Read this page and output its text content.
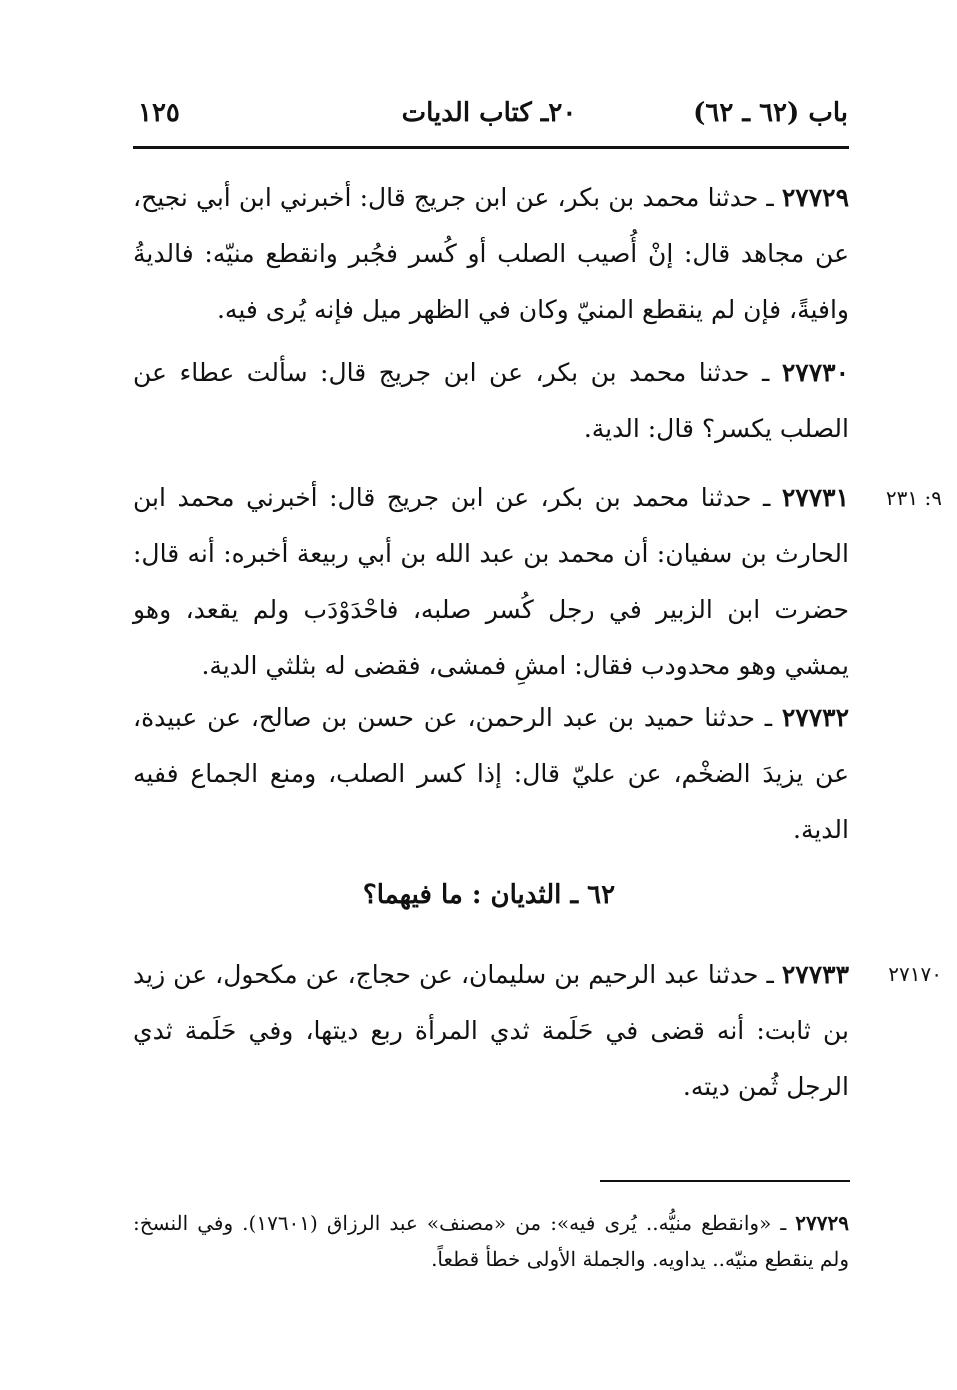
باب (٦٢ ـ ٦٢)
٢٠ـ كتاب الديات
١٢٥
٢٧٧٢٩ ـ حدثنا محمد بن بكر، عن ابن جريج قال: أخبرني ابن أبي نجيح، عن مجاهد قال: إنْ أُصيب الصلب أو كُسر فجُبر وانقطع منيّه: فالديةُ وافيةً، فإن لم ينقطع المنيّ وكان في الظهر ميل فإنه يُرى فيه.
٢٧٧٣٠ ـ حدثنا محمد بن بكر، عن ابن جريج قال: سألت عطاء عن الصلب يكسر؟ قال: الدية.
٩: ٢٣١
٢٧٧٣١ ـ حدثنا محمد بن بكر، عن ابن جريج قال: أخبرني محمد ابن الحارث بن سفيان: أن محمد بن عبد الله بن أبي ربيعة أخبره: أنه قال: حضرت ابن الزبير في رجل كُسر صلبه، فاحْدَوْدَب ولم يقعد، وهو يمشي وهو محدودب فقال: امشِ فمشى، فقضى له بثلثي الدية.
٢٧٧٣٢ ـ حدثنا حميد بن عبد الرحمن، عن حسن بن صالح، عن عبيدة، عن يزيدَ الضخْم، عن عليّ قال: إذا كسر الصلب، ومنع الجماع ففيه الدية.
٦٢ ـ الثديان : ما فيهما؟
٢٧١٧٠
٢٧٧٣٣ ـ حدثنا عبد الرحيم بن سليمان، عن حجاج، عن مكحول، عن زيد بن ثابت: أنه قضى في حَلَمة ثدي المرأة ربع ديتها، وفي حَلَمة ثدي الرجل ثُمن ديته.
٢٧٧٢٩ ـ «وانقطع منيُّه.. يُرى فيه»: من «مصنف» عبد الرزاق (١٧٦٠١). وفي النسخ: ولم ينقطع منيّه.. يداويه. والجملة الأولى خطأ قطعاً.
